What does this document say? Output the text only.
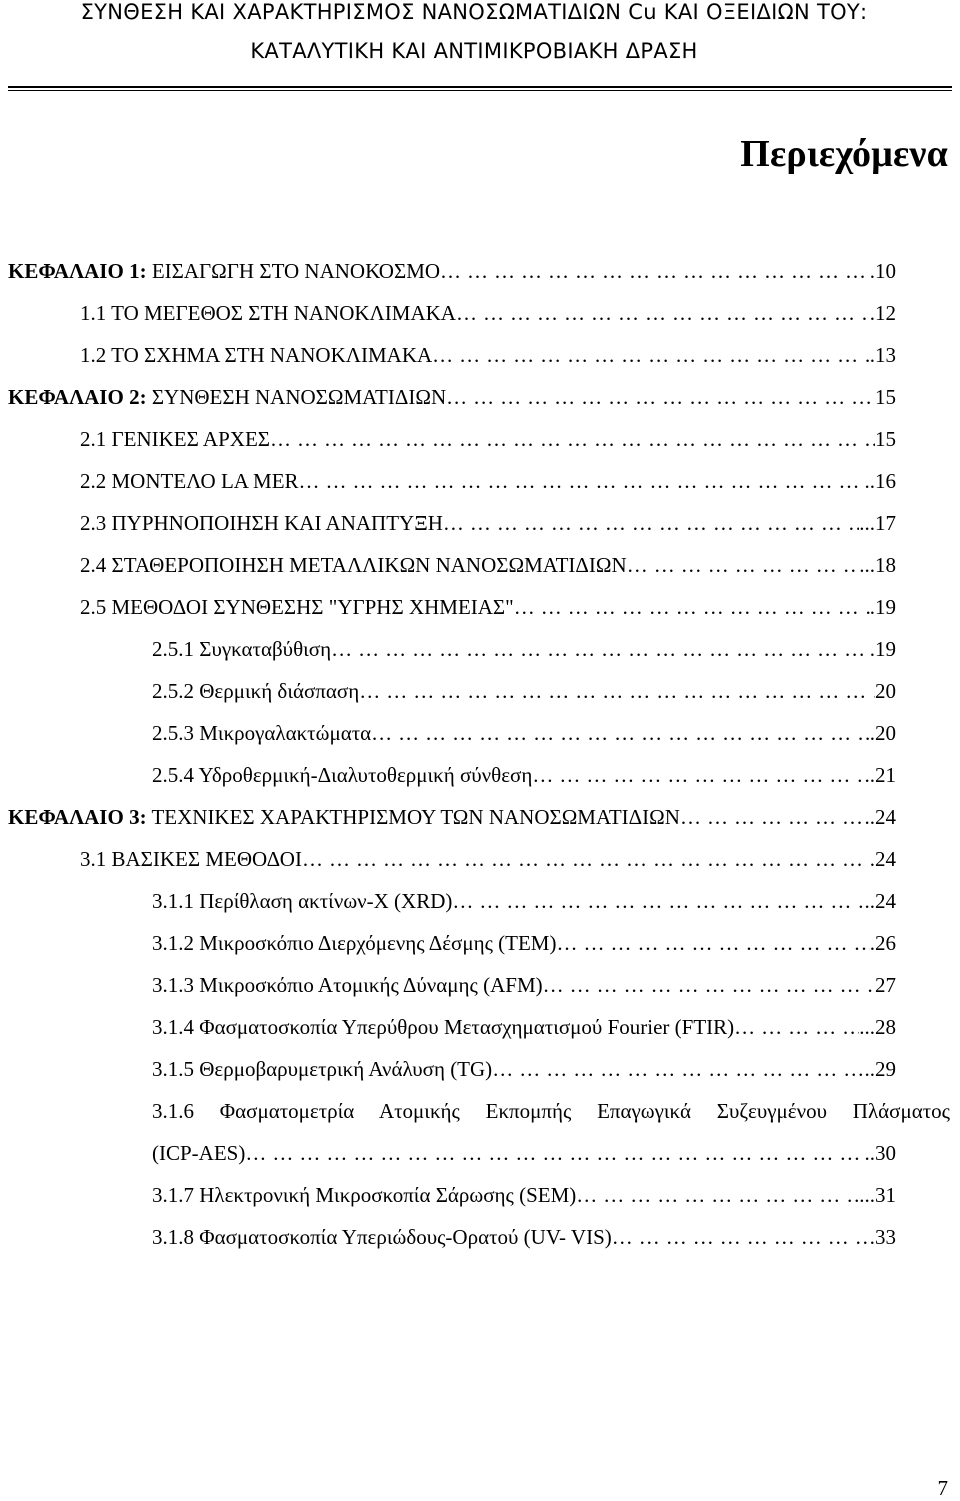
ΣΥΝΘΕΣΗ ΚΑΙ ΧΑΡΑΚΤΗΡΙΣΜΟΣ ΝΑΝΟΣΩΜΑΤΙΔΙΩΝ Cu ΚΑΙ ΟΞΕΙΔΙΩΝ ΤΟΥ:
ΚΑΤΑΛΥΤΙΚΗ ΚΑΙ ΑΝΤΙΜΙΚΡΟΒΙΑΚΗ ΔΡΑΣΗ
Περιεχόμενα
ΚΕΦΑΛΑΙΟ 1: ΕΙΣΑΓΩΓΗ ΣΤΟ ΝΑΝΟΚΟΣΜΟ …………………………………………………………………………………………………………………………………………………………………	.10
1.1 ΤΟ ΜΕΓΕΘΟΣ ΣΤΗ ΝΑΝΟΚΛΙΜΑΚΑ …………………………………………………………………………………………………………………………………………………………………	.12
1.2 ΤΟ ΣΧΗΜΑ ΣΤΗ ΝΑΝΟΚΛΙΜΑΚΑ …………………………………………………………………………………………………………………………………………………………………	.13
ΚΕΦΑΛΑΙΟ 2: ΣΥΝΘΕΣΗ ΝΑΝΟΣΩΜΑΤΙΔΙΩΝ …………………………………………………………………………………………………………………………………………………………………	15
2.1 ΓΕΝΙΚΕΣ ΑΡΧΕΣ …………………………………………………………………………………………………………………………………………………………………	15
2.2 ΜΟΝΤΕΛΟ LA MER …………………………………………………………………………………………………………………………………………………………………	..16
2.3 ΠΥΡΗΝΟΠΟΙΗΣΗ ΚΑΙ ΑΝΑΠΤΥΞΗ …………………………………………………………………………………………………………………………………………………………………	...17
2.4 ΣΤΑΘΕΡΟΠΟΙΗΣΗ ΜΕΤΑΛΛΙΚΩΝ ΝΑΝΟΣΩΜΑΤΙΔΙΩΝ …………………………………………………………………………………………………………………………………………………………………	...18
2.5 ΜΕΘΟΔΟΙ ΣΥΝΘΕΣΗΣ "ΥΓΡΗΣ ΧΗΜΕΙΑΣ" …………………………………………………………………………………………………………………………………………………………………	.19
2.5.1 Συγκαταβύθιση …………………………………………………………………………………………………………………………………………………………………	.19
2.5.2 Θερμική διάσπαση …………………………………………………………………………………………………………………………………………………………………	20
2.5.3 Μικρογαλακτώματα …………………………………………………………………………………………………………………………………………………………………	.20
2.5.4 Υδροθερμική-Διαλυτοθερμική σύνθεση …………………………………………………………………………………………………………………………………………………………………	..21
ΚΕΦΑΛΑΙΟ 3: ΤΕΧΝΙΚΕΣ ΧΑΡΑΚΤΗΡΙΣΜΟΥ ΤΩΝ ΝΑΝΟΣΩΜΑΤΙΔΙΩΝ …………………………………………………………………………………………………………………………………………………………………	..24
3.1 ΒΑΣΙΚΕΣ ΜΕΘΟΔΟΙ …………………………………………………………………………………………………………………………………………………………………	.24
3.1.1 Περίθλαση ακτίνων-Χ (XRD) …………………………………………………………………………………………………………………………………………………………………	..24
3.1.2 Μικροσκόπιο Διερχόμενης Δέσμης (TEM) …………………………………………………………………………………………………………………………………………………………………	.26
3.1.3 Μικροσκόπιο Ατομικής Δύναμης (AFM) …………………………………………………………………………………………………………………………………………………………………	27
3.1.4 Φασματοσκοπία Υπερύθρου Μετασχηματισμού Fourier (FTIR) …………………………………………………………………………………………………………………………………………………………………	...28
3.1.5 Θερμοβαρυμετρική Ανάλυση (TG) …………………………………………………………………………………………………………………………………………………………………	..29
3.1.6 Φασματομετρία Ατομικής Εκπομπής Επαγωγικά Συζευγμένου Πλάσματος
(ICP-AES) …………………………………………………………………………………………………………………………………………………………………	..30
3.1.7 Ηλεκτρονική Μικροσκοπία Σάρωσης (SEM) …………………………………………………………………………………………………………………………………………………………………	...31
3.1.8 Φασματοσκοπία Υπεριώδους-Ορατού (UV- VIS) …………………………………………………………………………………………………………………………………………………………………	33
7
